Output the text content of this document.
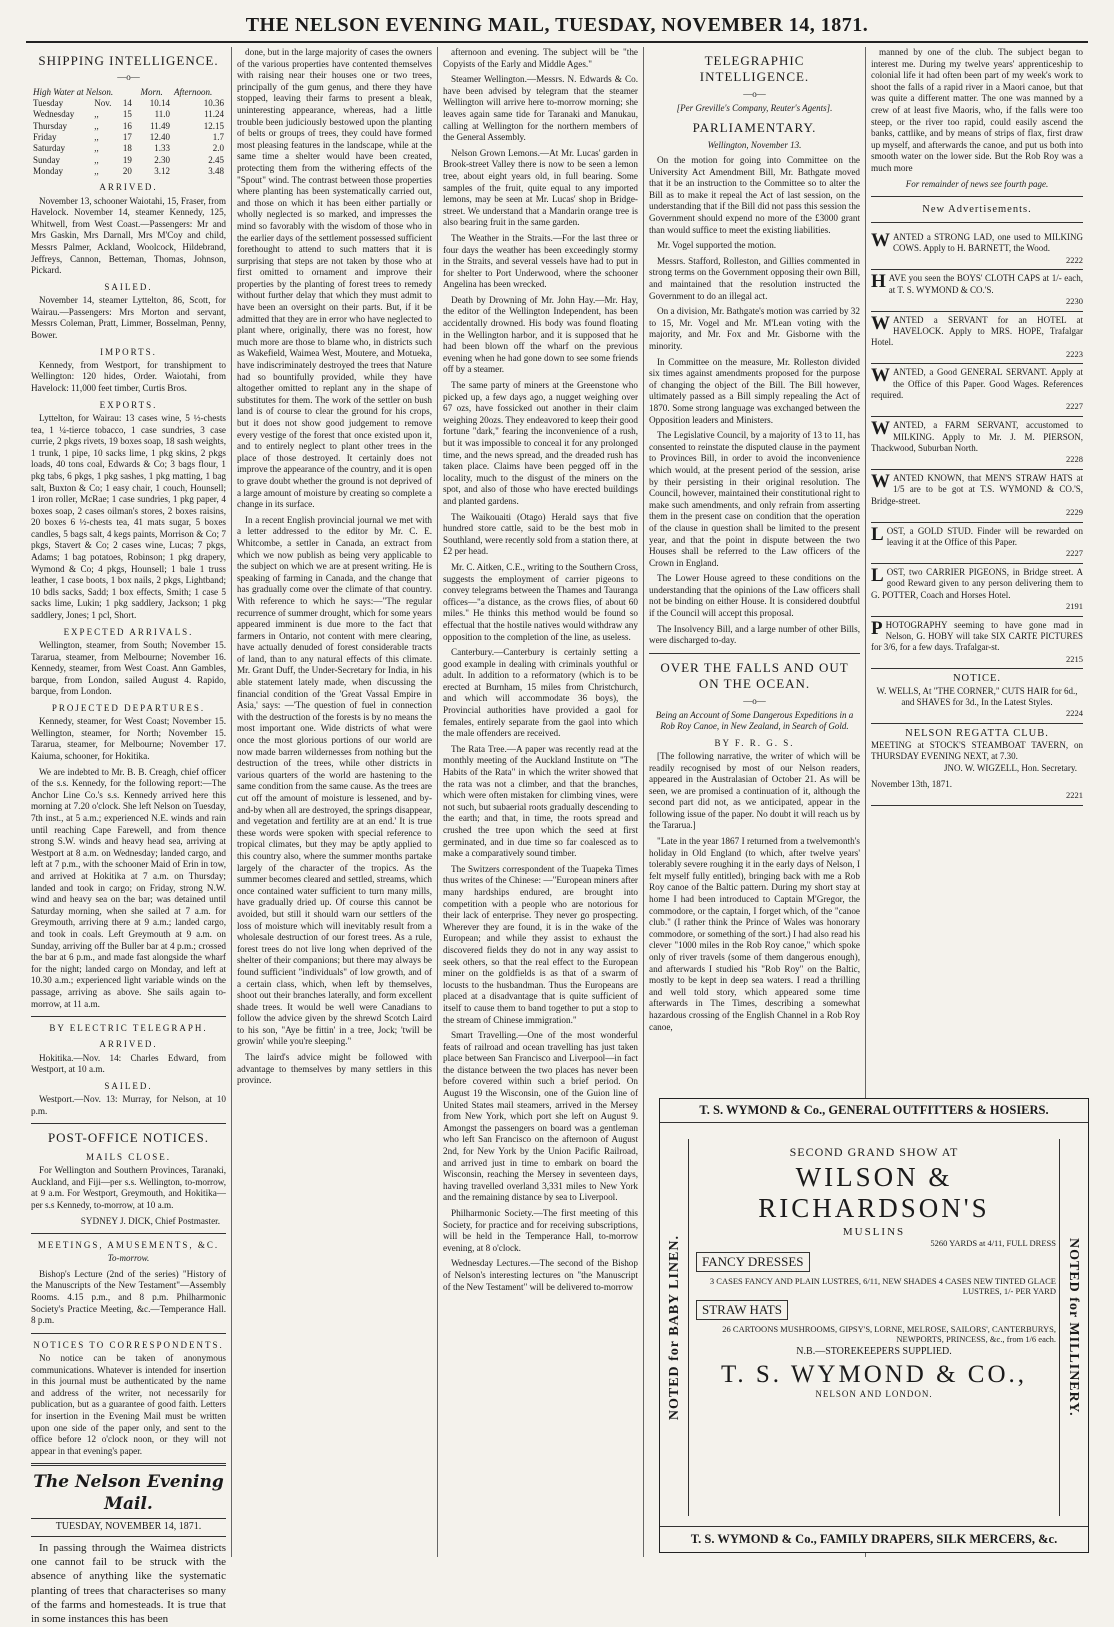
THE NELSON EVENING MAIL, TUESDAY, NOVEMBER 14, 1871.
SHIPPING INTELLIGENCE.
—o—
High Water at Nelson.			Morn.	Afternoon.
Tuesday	Nov.	14	10.14	10.36
Wednesday	,,	15	11.0	11.24
Thursday	,,	16	11.49	12.15
Friday	,,	17	12.40	1.7
Saturday	,,	18	1.33	2.0
Sunday	,,	19	2.30	2.45
Monday	,,	20	3.12	3.48
ARRIVED.

November 13, schooner Waiotahi, 15, Fraser, from Havelock. November 14, steamer Kennedy, 125, Whitwell, from West Coast.—Passengers: Mr and Mrs Gaskin, Mrs Darnall, Mrs M'Coy and child, Messrs Palmer, Ackland, Woolcock, Hildebrand, Jeffreys, Cannon, Betteman, Thomas, Johnson, Pickard.

SAILED.

November 14, steamer Lyttelton, 86, Scott, for Wairau.—Passengers: Mrs Morton and servant, Messrs Coleman, Pratt, Limmer, Bosselman, Penny, Bower.

IMPORTS.

Kennedy, from Westport, for transhipment to Wellington: 120 hides, Order. Waiotahi, from Havelock: 11,000 feet timber, Curtis Bros.

EXPORTS.

Lyttelton, for Wairau: 13 cases wine, 5 ½-chests tea, 1 ¼-tierce tobacco, 1 case sundries, 3 case currie, 2 pkgs rivets, 19 boxes soap, 18 sash weights, 1 trunk, 1 pipe, 10 sacks lime, 1 pkg skins, 2 pkgs loads, 40 tons coal, Edwards & Co; 3 bags flour, 1 pkg tabs, 6 pkgs, 1 pkg sashes, 1 pkg matting, 1 bag salt, Buxton & Co; 1 easy chair, 1 couch, Hounsell; 1 iron roller, McRae; 1 case sundries, 1 pkg paper, 4 boxes soap, 2 cases oilman's stores, 2 boxes raisins, 20 boxes 6 ½-chests tea, 41 mats sugar, 5 boxes candles, 5 bags salt, 4 kegs paints, Morrison & Co; 7 pkgs, Stavert & Co; 2 cases wine, Lucas; 7 pkgs, Adams; 1 bag potatoes, Robinson; 1 pkg drapery, Wymond & Co; 4 pkgs, Hounsell; 1 bale 1 truss leather, 1 case boots, 1 box nails, 2 pkgs, Lightband; 10 bdls sacks, Sadd; 1 box effects, Smith; 1 case 5 sacks lime, Lukin; 1 pkg saddlery, Jackson; 1 pkg saddlery, Jones; 1 pcl, Short.

EXPECTED ARRIVALS.

Wellington, steamer, from South; November 15. Tararua, steamer, from Melbourne; November 16. Kennedy, steamer, from West Coast. Ann Gambles, barque, from London, sailed August 4. Rapido, barque, from London.

PROJECTED DEPARTURES.

Kennedy, steamer, for West Coast; November 15. Wellington, steamer, for North; November 15. Tararua, steamer, for Melbourne; November 17. Kaiuma, schooner, for Hokitika.

We are indebted to Mr. B. B. Creagh, chief officer of the s.s. Kennedy, for the following report:—The Anchor Line Co.'s s.s. Kennedy arrived here this morning at 7.20 o'clock. She left Nelson on Tuesday, 7th inst., at 5 a.m.; experienced N.E. winds and rain until reaching Cape Farewell, and from thence strong S.W. winds and heavy head sea, arriving at Westport at 8 a.m. on Wednesday; landed cargo, and left at 7 p.m., with the schooner Maid of Erin in tow, and arrived at Hokitika at 7 a.m. on Thursday; landed and took in cargo; on Friday, strong N.W. wind and heavy sea on the bar; was detained until Saturday morning, when she sailed at 7 a.m. for Greymouth, arriving there at 9 a.m.; landed cargo, and took in coals. Left Greymouth at 9 a.m. on Sunday, arriving off the Buller bar at 4 p.m.; crossed the bar at 6 p.m., and made fast alongside the wharf for the night; landed cargo on Monday, and left at 10.30 a.m.; experienced light variable winds on the passage, arriving as above. She sails again to-morrow, at 11 a.m.

BY ELECTRIC TELEGRAPH.
ARRIVED.

Hokitika.—Nov. 14: Charles Edward, from Westport, at 10 a.m.

SAILED.

Westport.—Nov. 13: Murray, for Nelson, at 10 p.m.

POST-OFFICE NOTICES.
MAILS CLOSE.

For Wellington and Southern Provinces, Taranaki, Auckland, and Fiji—per s.s. Wellington, to-morrow, at 9 a.m. For Westport, Greymouth, and Hokitika—per s.s Kennedy, to-morrow, at 10 a.m.

SYDNEY J. DICK, Chief Postmaster.
MEETINGS, AMUSEMENTS, &C.
To-morrow.

Bishop's Lecture (2nd of the series) "History of the Manuscripts of the New Testament"—Assembly Rooms. 4.15 p.m., and 8 p.m. Philharmonic Society's Practice Meeting, &c.—Temperance Hall. 8 p.m.

NOTICES TO CORRESPONDENTS.

No notice can be taken of anonymous communications. Whatever is intended for insertion in this journal must be authenticated by the name and address of the writer, not necessarily for publication, but as a guarantee of good faith. Letters for insertion in the Evening Mail must be written upon one side of the paper only, and sent to the office before 12 o'clock noon, or they will not appear in that evening's paper.

The Nelson Evening Mail.
TUESDAY, NOVEMBER 14, 1871.

In passing through the Waimea districts one cannot fail to be struck with the absence of anything like the systematic planting of trees that characterises so many of the farms and homesteads. It is true that in some instances this has been

done, but in the large majority of cases the owners of the various properties have contented themselves with raising near their houses one or two trees, principally of the gum genus, and there they have stopped, leaving their farms to present a bleak, uninteresting appearance, whereas, had a little trouble been judiciously bestowed upon the planting of belts or groups of trees, they could have formed most pleasing features in the landscape, while at the same time a shelter would have been created, protecting them from the withering effects of the "Spout" wind. The contrast between those properties where planting has been systematically carried out, and those on which it has been either partially or wholly neglected is so marked, and impresses the mind so favorably with the wisdom of those who in the earlier days of the settlement possessed sufficient forethought to attend to such matters that it is surprising that steps are not taken by those who at first omitted to ornament and improve their properties by the planting of forest trees to remedy without further delay that which they must admit to have been an oversight on their parts. But, if it be admitted that they are in error who have neglected to plant where, originally, there was no forest, how much more are those to blame who, in districts such as Wakefield, Waimea West, Moutere, and Motueka, have indiscriminately destroyed the trees that Nature had so bountifully provided, while they have altogether omitted to replant any in the shape of substitutes for them. The work of the settler on bush land is of course to clear the ground for his crops, but it does not show good judgement to remove every vestige of the forest that once existed upon it, and to entirely neglect to plant other trees in the place of those destroyed. It certainly does not improve the appearance of the country, and it is open to grave doubt whether the ground is not deprived of a large amount of moisture by creating so complete a change in its surface.

In a recent English provincial journal we met with a letter addressed to the editor by Mr. C. E. Whitcombe, a settler in Canada, an extract from which we now publish as being very applicable to the subject on which we are at present writing. He is speaking of farming in Canada, and the change that has gradually come over the climate of that country. With reference to which he says:—"The regular recurrence of summer drought, which for some years appeared imminent is due more to the fact that farmers in Ontario, not content with mere clearing, have actually denuded of forest considerable tracts of land, than to any natural effects of this climate. Mr. Grant Duff, the Under-Secretary for India, in his able statement lately made, when discussing the financial condition of the 'Great Vassal Empire in Asia,' says: —'The question of fuel in connection with the destruction of the forests is by no means the most important one. Wide districts of what were once the most glorious portions of our world are now made barren wildernesses from nothing but the destruction of the trees, while other districts in various quarters of the world are hastening to the same condition from the same cause. As the trees are cut off the amount of moisture is lessened, and by-and-by when all are destroyed, the springs disappear, and vegetation and fertility are at an end.' It is true these words were spoken with special reference to tropical climates, but they may be aptly applied to this country also, where the summer months partake largely of the character of the tropics. As the summer becomes cleared and settled, streams, which once contained water sufficient to turn many mills, have gradually dried up. Of course this cannot be avoided, but still it should warn our settlers of the loss of moisture which will inevitably result from a wholesale destruction of our forest trees. As a rule, forest trees do not live long when deprived of the shelter of their companions; but there may always be found sufficient "individuals" of low growth, and of a certain class, which, when left by themselves, shoot out their branches laterally, and form excellent shade trees. It would be well were Canadians to follow the advice given by the shrewd Scotch Laird to his son, "Aye be fittin' in a tree, Jock; 'twill be growin' while you're sleeping."

The laird's advice might be followed with advantage to themselves by many settlers in this province.

afternoon and evening. The subject will be "the Copyists of the Early and Middle Ages."

Steamer Wellington.—Messrs. N. Edwards & Co. have been advised by telegram that the steamer Wellington will arrive here to-morrow morning; she leaves again same tide for Taranaki and Manukau, calling at Wellington for the northern members of the General Assembly.

Nelson Grown Lemons.—At Mr. Lucas' garden in Brook-street Valley there is now to be seen a lemon tree, about eight years old, in full bearing. Some samples of the fruit, quite equal to any imported lemons, may be seen at Mr. Lucas' shop in Bridge-street. We understand that a Mandarin orange tree is also bearing fruit in the same garden.

The Weather in the Straits.—For the last three or four days the weather has been exceedingly stormy in the Straits, and several vessels have had to put in for shelter to Port Underwood, where the schooner Angelina has been wrecked.

Death by Drowning of Mr. John Hay.—Mr. Hay, the editor of the Wellington Independent, has been accidentally drowned. His body was found floating in the Wellington harbor, and it is supposed that he had been blown off the wharf on the previous evening when he had gone down to see some friends off by a steamer.

The same party of miners at the Greenstone who picked up, a few days ago, a nugget weighing over 67 ozs, have fossicked out another in their claim weighing 20ozs. They endeavored to keep their good fortune "dark," fearing the inconvenience of a rush, but it was impossible to conceal it for any prolonged time, and the news spread, and the dreaded rush has taken place. Claims have been pegged off in the locality, much to the disgust of the miners on the spot, and also of those who have erected buildings and planted gardens.

The Waikouaiti (Otago) Herald says that five hundred store cattle, said to be the best mob in Southland, were recently sold from a station there, at £2 per head.

Mr. C. Aitken, C.E., writing to the Southern Cross, suggests the employment of carrier pigeons to convey telegrams between the Thames and Tauranga offices—"a distance, as the crows flies, of about 60 miles." He thinks this method would be found so effectual that the hostile natives would withdraw any opposition to the completion of the line, as useless.

Canterbury.—Canterbury is certainly setting a good example in dealing with criminals youthful or adult. In addition to a reformatory (which is to be erected at Burnham, 15 miles from Christchurch, and which will accommodate 36 boys), the Provincial authorities have provided a gaol for females, entirely separate from the gaol into which the male offenders are received.

The Rata Tree.—A paper was recently read at the monthly meeting of the Auckland Institute on "The Habits of the Rata" in which the writer showed that the rata was not a climber, and that the branches, which were often mistaken for climbing vines, were not such, but subaerial roots gradually descending to the earth; and that, in time, the roots spread and crushed the tree upon which the seed at first germinated, and in due time so far coalesced as to make a comparatively sound timber.

The Switzers correspondent of the Tuapeka Times thus writes of the Chinese: —"European miners after many hardships endured, are brought into competition with a people who are notorious for their lack of enterprise. They never go prospecting. Wherever they are found, it is in the wake of the European; and while they assist to exhaust the discovered fields they do not in any way assist to seek others, so that the real effect to the European miner on the goldfields is as that of a swarm of locusts to the husbandman. Thus the Europeans are placed at a disadvantage that is quite sufficient of itself to cause them to band together to put a stop to the stream of Chinese immigration."

Smart Travelling.—One of the most wonderful feats of railroad and ocean travelling has just taken place between San Francisco and Liverpool—in fact the distance between the two places has never been before covered within such a brief period. On August 19 the Wisconsin, one of the Guion line of United States mail steamers, arrived in the Mersey from New York, which port she left on August 9. Amongst the passengers on board was a gentleman who left San Francisco on the afternoon of August 2nd, for New York by the Union Pacific Railroad, and arrived just in time to embark on board the Wisconsin, reaching the Mersey in seventeen days, having travelled overland 3,331 miles to New York and the remaining distance by sea to Liverpool.

Philharmonic Society.—The first meeting of this Society, for practice and for receiving subscriptions, will be held in the Temperance Hall, to-morrow evening, at 8 o'clock.

Wednesday Lectures.—The second of the Bishop of Nelson's interesting lectures on "the Manuscript of the New Testament" will be delivered to-morrow

TELEGRAPHIC INTELLIGENCE.
—o—
[Per Greville's Company, Reuter's Agents].
PARLIAMENTARY.
Wellington, November 13.

On the motion for going into Committee on the University Act Amendment Bill, Mr. Bathgate moved that it be an instruction to the Committee so to alter the Bill as to make it repeal the Act of last session, on the understanding that if the Bill did not pass this session the Government should expend no more of the £3000 grant than would suffice to meet the existing liabilities.

Mr. Vogel supported the motion.

Messrs. Stafford, Rolleston, and Gillies commented in strong terms on the Government opposing their own Bill, and maintained that the resolution instructed the Government to do an illegal act.

On a division, Mr. Bathgate's motion was carried by 32 to 15, Mr. Vogel and Mr. M'Lean voting with the majority, and Mr. Fox and Mr. Gisborne with the minority.

In Committee on the measure, Mr. Rolleston divided six times against amendments proposed for the purpose of changing the object of the Bill. The Bill however, ultimately passed as a Bill simply repealing the Act of 1870. Some strong language was exchanged between the Opposition leaders and Ministers.

The Legislative Council, by a majority of 13 to 11, has consented to reinstate the disputed clause in the payment to Provinces Bill, in order to avoid the inconvenience which would, at the present period of the session, arise by their persisting in their original resolution. The Council, however, maintained their constitutional right to make such amendments, and only refrain from asserting them in the present case on condition that the operation of the clause in question shall be limited to the present year, and that the point in dispute between the two Houses shall be referred to the Law officers of the Crown in England.

The Lower House agreed to these conditions on the understanding that the opinions of the Law officers shall not be binding on either House. It is considered doubtful if the Council will accept this proposal.

The Insolvency Bill, and a large number of other Bills, were discharged to-day.

OVER THE FALLS AND OUT ON THE OCEAN.
—o—
Being an Account of Some Dangerous Expeditions in a Rob Roy Canoe, in New Zealand, in Search of Gold.
BY F. R. G. S.

[The following narrative, the writer of which will be readily recognised by most of our Nelson readers, appeared in the Australasian of October 21. As will be seen, we are promised a continuation of it, although the second part did not, as we anticipated, appear in the following issue of the paper. No doubt it will reach us by the Tararua.]

"Late in the year 1867 I returned from a twelvemonth's holiday in Old England (to which, after twelve years' tolerably severe roughing it in the early days of Nelson, I felt myself fully entitled), bringing back with me a Rob Roy canoe of the Baltic pattern. During my short stay at home I had been introduced to Captain M'Gregor, the commodore, or the captain, I forget which, of the "canoe club." (I rather think the Prince of Wales was honorary commodore, or something of the sort.) I had also read his clever "1000 miles in the Rob Roy canoe," which spoke only of river travels (some of them dangerous enough), and afterwards I studied his "Rob Roy" on the Baltic, mostly to be kept in deep sea waters. I read a thrilling and well told story, which appeared some time afterwards in The Times, describing a somewhat hazardous crossing of the English Channel in a Rob Roy canoe,

manned by one of the club. The subject began to interest me. During my twelve years' apprenticeship to colonial life it had often been part of my week's work to shoot the falls of a rapid river in a Maori canoe, but that was quite a different matter. The one was manned by a crew of at least five Maoris, who, if the falls were too steep, or the river too rapid, could easily ascend the banks, cattlike, and by means of strips of flax, first draw up myself, and afterwards the canoe, and put us both into smooth water on the lower side. But the Rob Roy was a much more

For remainder of news see fourth page.
New Advertisements.
WANTED a STRONG LAD, one used to MILKING COWS. Apply to H. BARNETT, the Wood.
2222
HAVE you seen the BOYS' CLOTH CAPS at 1/- each, at T. S. WYMOND & CO.'S.
2230
WANTED a SERVANT for an HOTEL at HAVELOCK. Apply to MRS. HOPE, Trafalgar Hotel.
2223
WANTED, a Good GENERAL SERVANT. Apply at the Office of this Paper. Good Wages. References required.
2227
WANTED, a FARM SERVANT, accustomed to MILKING. Apply to Mr. J. M. PIERSON, Thackwood, Suburban North.
2228
WANTED KNOWN, that MEN'S STRAW HATS at 1/5 are to be got at T.S. WYMOND & CO.'S, Bridge-street.
2229
LOST, a GOLD STUD. Finder will be rewarded on leaving it at the Office of this Paper.
2227
LOST, two CARRIER PIGEONS, in Bridge street. A good Reward given to any person delivering them to G. POTTER, Coach and Horses Hotel.
2191
PHOTOGRAPHY seeming to have gone mad in Nelson, G. HOBY will take SIX CARTE PICTURES for 3/6, for a few days. Trafalgar-st.
2215
NOTICE.
W. WELLS, At "THE CORNER," CUTS HAIR for 6d., and SHAVES for 3d., In the Latest Styles.
2224
NELSON REGATTA CLUB.
MEETING at STOCK'S STEAMBOAT TAVERN, on THURSDAY EVENING NEXT, at 7.30.
JNO. W. WIGZELL, Hon. Secretary.
November 13th, 1871.
2221
T. S. WYMOND & Co., GENERAL OUTFITTERS & HOSIERS.
NOTED for BABY LINEN.	NOTED for MILLINERY.
SECOND GRAND SHOW AT
WILSON & RICHARDSON'S
MUSLINS
5260 YARDS at 4/11, FULL DRESS
FANCY DRESSES
3 CASES FANCY AND PLAIN LUSTRES, 6/11, NEW SHADES 4 CASES NEW TINTED GLACE LUSTRES, 1/- PER YARD
STRAW HATS
26 CARTOONS MUSHROOMS, GIPSY'S, LORNE, MELROSE, SAILORS', CANTERBURYS, NEWPORTS, PRINCESS, &c., from 1/6 each.
N.B.—STOREKEEPERS SUPPLIED.
T. S. WYMOND & CO.,
NELSON AND LONDON.
T. S. WYMOND & Co., FAMILY DRAPERS, SILK MERCERS, &c.
